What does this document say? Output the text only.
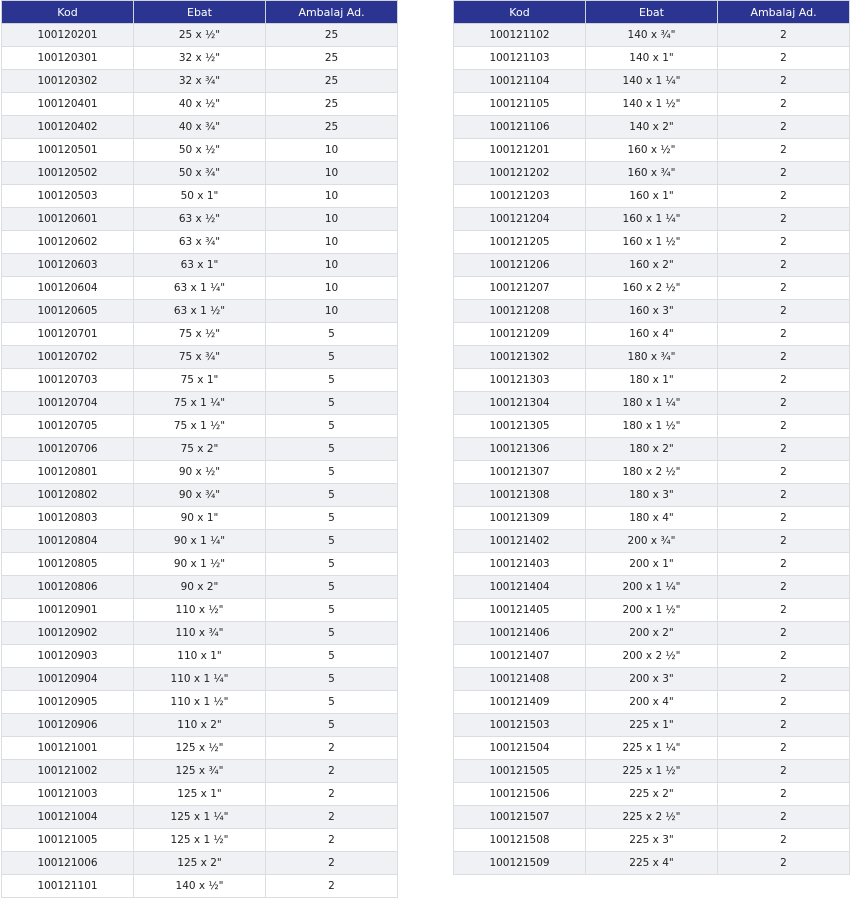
Kod	Ebat	Ambalaj Ad.
100120201	25 x ½"	25
100120301	32 x ½"	25
100120302	32 x ¾"	25
100120401	40 x ½"	25
100120402	40 x ¾"	25
100120501	50 x ½"	10
100120502	50 x ¾"	10
100120503	50 x 1"	10
100120601	63 x ½"	10
100120602	63 x ¾"	10
100120603	63 x 1"	10
100120604	63 x 1 ¼"	10
100120605	63 x 1 ½"	10
100120701	75 x ½"	5
100120702	75 x ¾"	5
100120703	75 x 1"	5
100120704	75 x 1 ¼"	5
100120705	75 x 1 ½"	5
100120706	75 x 2"	5
100120801	90 x ½"	5
100120802	90 x ¾"	5
100120803	90 x 1"	5
100120804	90 x 1 ¼"	5
100120805	90 x 1 ½"	5
100120806	90 x 2"	5
100120901	110 x ½"	5
100120902	110 x ¾"	5
100120903	110 x 1"	5
100120904	110 x 1 ¼"	5
100120905	110 x 1 ½"	5
100120906	110 x 2"	5
100121001	125 x ½"	2
100121002	125 x ¾"	2
100121003	125 x 1"	2
100121004	125 x 1 ¼"	2
100121005	125 x 1 ½"	2
100121006	125 x 2"	2
100121101	140 x ½"	2
Kod	Ebat	Ambalaj Ad.
100121102	140 x ¾"	2
100121103	140 x 1"	2
100121104	140 x 1 ¼"	2
100121105	140 x 1 ½"	2
100121106	140 x 2"	2
100121201	160 x ½"	2
100121202	160 x ¾"	2
100121203	160 x 1"	2
100121204	160 x 1 ¼"	2
100121205	160 x 1 ½"	2
100121206	160 x 2"	2
100121207	160 x 2 ½"	2
100121208	160 x 3"	2
100121209	160 x 4"	2
100121302	180 x ¾"	2
100121303	180 x 1"	2
100121304	180 x 1 ¼"	2
100121305	180 x 1 ½"	2
100121306	180 x 2"	2
100121307	180 x 2 ½"	2
100121308	180 x 3"	2
100121309	180 x 4"	2
100121402	200 x ¾"	2
100121403	200 x 1"	2
100121404	200 x 1 ¼"	2
100121405	200 x 1 ½"	2
100121406	200 x 2"	2
100121407	200 x 2 ½"	2
100121408	200 x 3"	2
100121409	200 x 4"	2
100121503	225 x 1"	2
100121504	225 x 1 ¼"	2
100121505	225 x 1 ½"	2
100121506	225 x 2"	2
100121507	225 x 2 ½"	2
100121508	225 x 3"	2
100121509	225 x 4"	2
